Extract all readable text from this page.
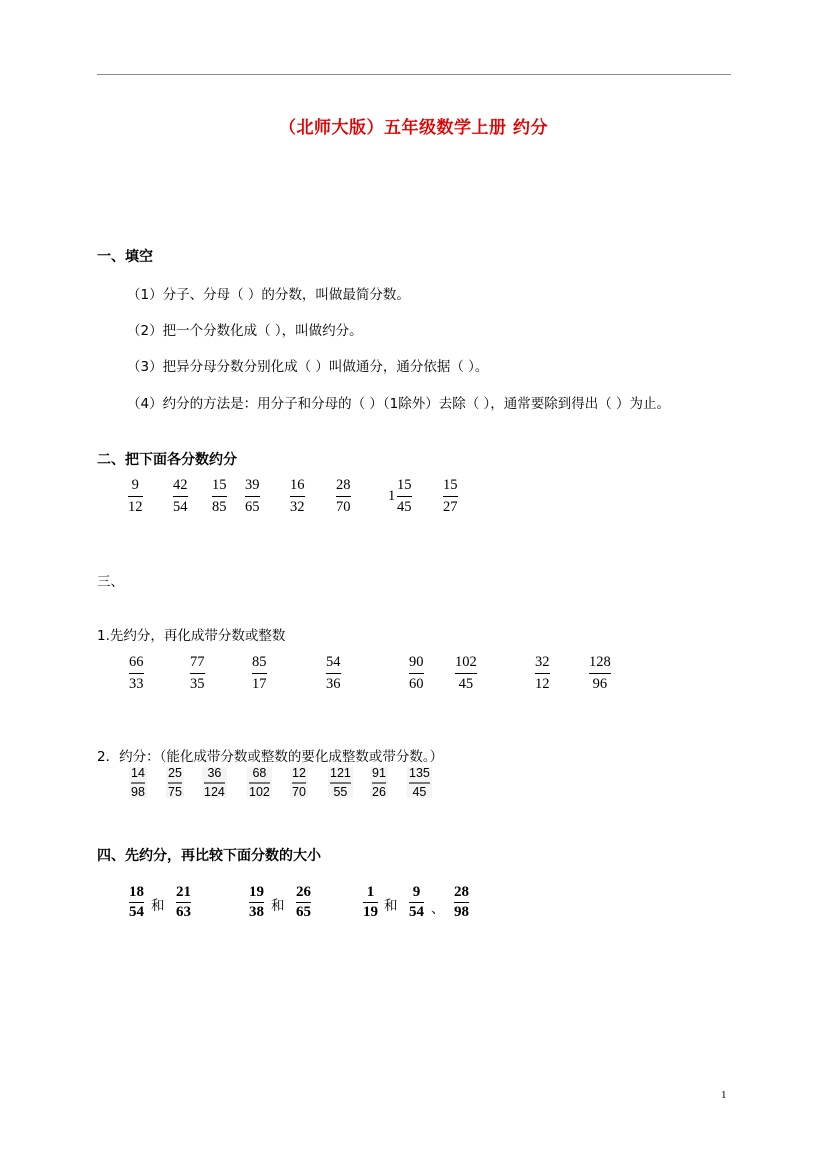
（北师大版）五年级数学上册 约分
一、填空
（1）分子、分母（ ）的分数，叫做最简分数。
（2）把一个分数化成（ ），叫做约分。
（3）把异分母分数分别化成（ ）叫做通分，通分依据（ ）。
（4）约分的方法是：用分子和分母的（ ）（1除外）去除（ ），通常要除到得出（ ）为止。
二、把下面各分数约分
9
12
42
54
15
85
39
65
16
32
28
70
1
15
45
15
27
三、
1.先约分，再化成带分数或整数
66
33
77
35
85
17
54
36
90
60
102
45
32
12
128
96
2．约分：（能化成带分数或整数的要化成整数或带分数。）
14
98
25
75
36
124
68
102
12
70
121
55
91
26
135
45
四、先约分，再比较下面分数的大小
18
54 和
21
63
19
38 和
26
65
1
19 和
9
54 、
28
98
1
